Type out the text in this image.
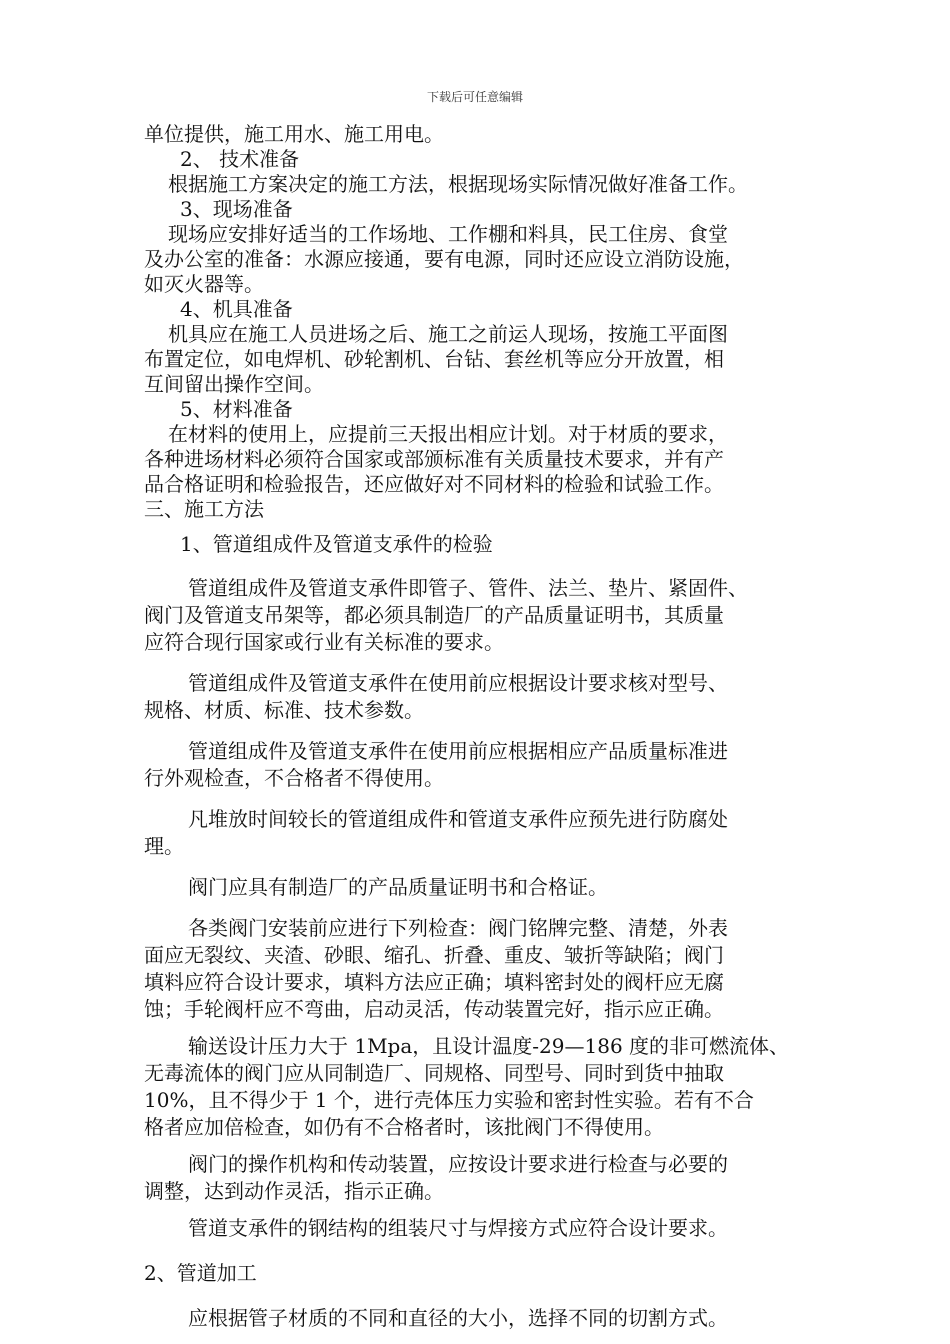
下载后可任意编辑
单位提供，施工用水、施工用电。
2、 技术准备
根据施工方案决定的施工方法，根据现场实际情况做好准备工作。
3、现场准备
现场应安排好适当的工作场地、工作棚和料具，民工住房、食堂
及办公室的准备：水源应接通，要有电源，同时还应设立消防设施，
如灭火器等。
4、机具准备
机具应在施工人员进场之后、施工之前运人现场，按施工平面图
布置定位，如电焊机、砂轮割机、台钻、套丝机等应分开放置，相
互间留出操作空间。
5、材料准备
在材料的使用上，应提前三天报出相应计划。对于材质的要求，
各种进场材料必须符合国家或部颁标准有关质量技术要求，并有产
品合格证明和检验报告，还应做好对不同材料的检验和试验工作。
三、施工方法
1、管道组成件及管道支承件的检验
管道组成件及管道支承件即管子、管件、法兰、垫片、紧固件、
阀门及管道支吊架等，都必须具制造厂的产品质量证明书，其质量
应符合现行国家或行业有关标准的要求。
管道组成件及管道支承件在使用前应根据设计要求核对型号、
规格、材质、标准、技术参数。
管道组成件及管道支承件在使用前应根据相应产品质量标准进
行外观检查，不合格者不得使用。
凡堆放时间较长的管道组成件和管道支承件应预先进行防腐处
理。
阀门应具有制造厂的产品质量证明书和合格证。
各类阀门安装前应进行下列检查：阀门铭牌完整、清楚，外表
面应无裂纹、夹渣、砂眼、缩孔、折叠、重皮、皱折等缺陷；阀门
填料应符合设计要求，填料方法应正确；填料密封处的阀杆应无腐
蚀；手轮阀杆应不弯曲，启动灵活，传动装置完好，指示应正确。
输送设计压力大于 1Mpa，且设计温度-29—186 度的非可燃流体、
无毒流体的阀门应从同制造厂、同规格、同型号、同时到货中抽取
10%，且不得少于 1 个，进行壳体压力实验和密封性实验。若有不合
格者应加倍检查，如仍有不合格者时，该批阀门不得使用。
阀门的操作机构和传动装置，应按设计要求进行检查与必要的
调整，达到动作灵活，指示正确。
管道支承件的钢结构的组装尺寸与焊接方式应符合设计要求。
2、管道加工
应根据管子材质的不同和直径的大小，选择不同的切割方式。
